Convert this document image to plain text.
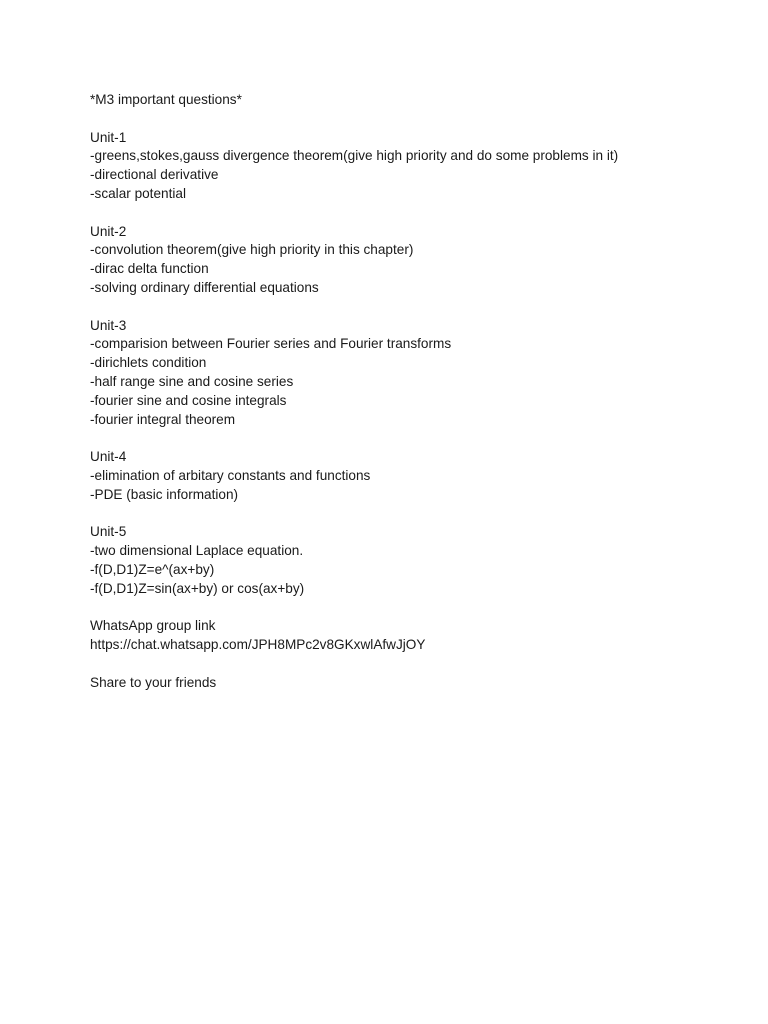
*M3 important questions*

Unit-1

-greens,stokes,gauss divergence theorem(give high priority and do some problems in it)

-directional derivative

-scalar potential

Unit-2

-convolution theorem(give high priority in this chapter)

-dirac delta function

-solving ordinary differential equations

Unit-3

-comparision between Fourier series and Fourier transforms

-dirichlets condition

-half range sine and cosine series

-fourier sine and cosine integrals

-fourier integral theorem

Unit-4

-elimination of arbitary constants and functions

-PDE (basic information)

Unit-5

-two dimensional Laplace equation.

-f(D,D1)Z=e^(ax+by)

-f(D,D1)Z=sin(ax+by) or cos(ax+by)

WhatsApp group link

https://chat.whatsapp.com/JPH8MPc2v8GKxwlAfwJjOY

Share to your friends
